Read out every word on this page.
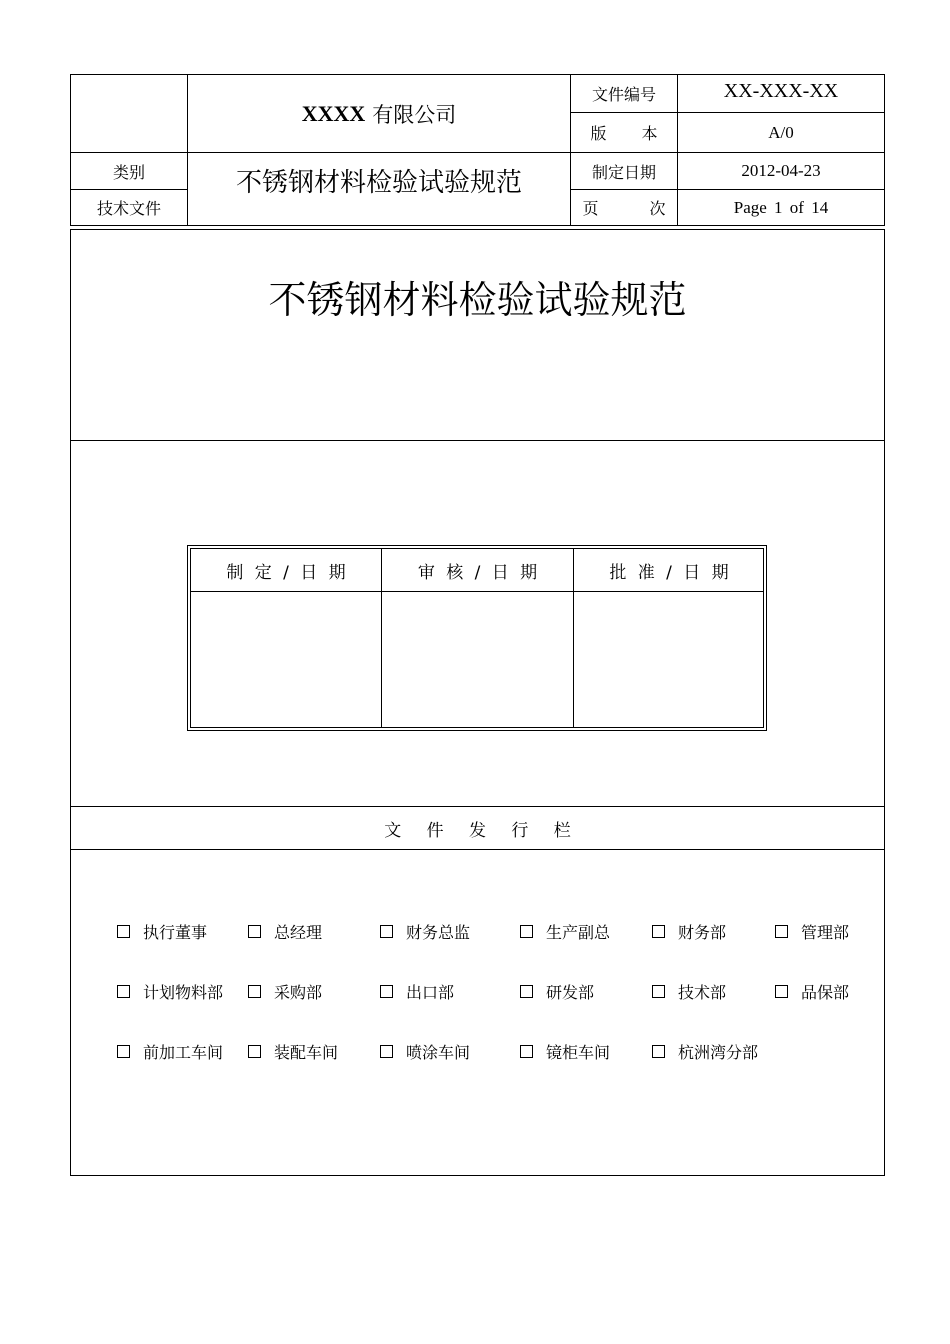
XXXX 有限公司
文件编号	XX-XXX-XX
版 本	A/0
类别
技术文件
不锈钢材料检验试验规范	制定日期	2012-04-23
页 次	Page 1 of 14
不锈钢材料检验试验规范
制 定 / 日 期	审 核 / 日 期	批 准 / 日 期
文 件 发 行 栏
执行董事	总经理	财务总监	生产副总	财务部	管理部
计划物料部	采购部	出口部	研发部	技术部	品保部
前加工车间	装配车间	喷涂车间	镜柜车间	杭洲湾分部
